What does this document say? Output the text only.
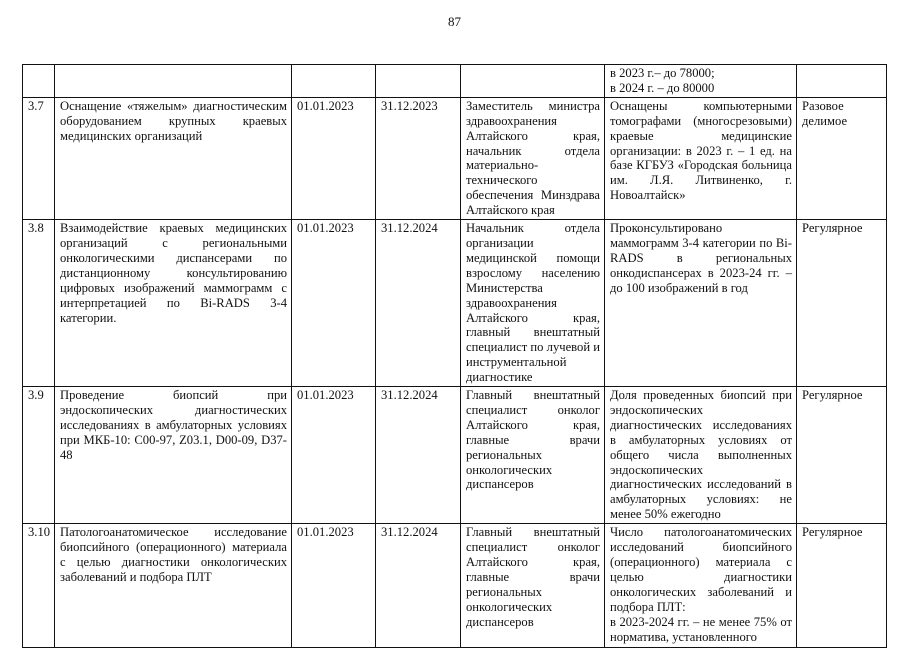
87

					в 2023 г.– до 78000;
в 2024 г. – до 80000	

3.7	Оснащение «тяжелым» диагностическим оборудованием крупных краевых медицинских организаций	01.01.2023	31.12.2023	Заместитель министра здравоохранения Алтайского края, начальник отдела материально-технического обеспечения Минздрава Алтайского края	Оснащены компьютерными томографами (многосрезовыми) краевые медицинские организации: в 2023 г. – 1 ед. на базе КГБУЗ «Городская больница им. Л.Я. Литвиненко, г. Новоалтайск»	Разовое делимое
3.8	Взаимодействие краевых медицинских организаций с региональными онкологическими диспансерами по дистанционному консультированию цифровых изображений маммограмм с интерпретацией по Bi-RADS 3-4 категории.	01.01.2023	31.12.2024	Начальник отдела организации медицинской помощи взрослому населению Министерства здравоохранения Алтайского края, главный внештатный специалист по лучевой и инструментальной диагностике	Проконсультировано маммограмм 3-4 категории по Bi-RADS в региональных онкодиспансерах в 2023-24 гг. – до 100 изображений в год	Регулярное
3.9	Проведение биопсий при эндоскопических диагностических исследованиях в амбулаторных условиях при МКБ-10: C00-97, Z03.1, D00-09, D37-48	01.01.2023	31.12.2024	Главный внештатный специалист онколог Алтайского края, главные врачи региональных онкологических диспансеров	Доля проведенных биопсий при эндоскопических диагностических исследованиях в амбулаторных условиях от общего числа выполненных эндоскопических диагностических исследований в амбулаторных условиях: не менее 50% ежегодно	Регулярное
3.10	Патологоанатомическое исследование биопсийного (операционного) материала с целью диагностики онкологических заболеваний и подбора ПЛТ	01.01.2023	31.12.2024	Главный внештатный специалист онколог Алтайского края, главные врачи региональных онкологических диспансеров	Число патологоанатомических исследований биопсийного (операционного) материала с целью диагностики онкологических заболеваний и подбора ПЛТ:
в 2023-2024 гг. – не менее 75% от норматива, установленного	Регулярное
